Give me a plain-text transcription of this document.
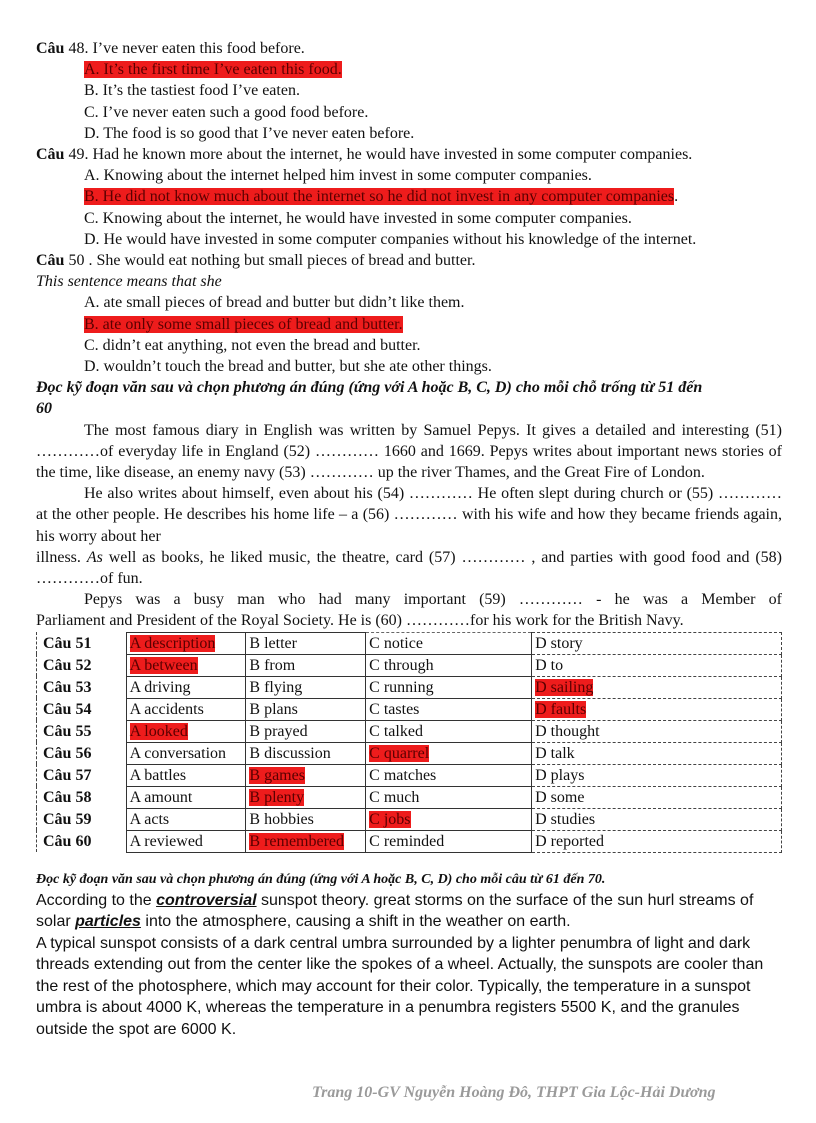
Câu 48. I’ve never eaten this food before.
A. It’s the first time I’ve eaten this food.
B. It’s the tastiest food I’ve eaten.
C. I’ve never eaten such a good food before.
D. The food is so good that I’ve never eaten before.
Câu 49. Had he known more about the internet, he would have invested in some computer companies.
A. Knowing about the internet helped him invest in some computer companies.
B. He did not know much about the internet so he did not invest in any computer companies.
C. Knowing about the internet, he would have invested in some computer companies.
D. He would have invested in some computer companies without his knowledge of the internet.
Câu 50 . She would eat nothing but small pieces of bread and butter.
This sentence means that she
A. ate small pieces of bread and butter but didn’t like them.
B. ate only some small pieces of bread and butter.
C. didn’t eat anything, not even the bread and butter.
D. wouldn’t touch the bread and butter, but she ate other things.
Đọc kỹ đoạn văn sau và chọn phương án đúng (ứng với A hoặc B, C, D) cho mỗi chỗ trống từ 51 đến
60
The most famous diary in English was written by Samuel Pepys. It gives a detailed and interesting (51) …………of everyday life in England (52) ………… 1660 and 1669. Pepys writes about important news stories of the time, like disease, an enemy navy (53) ………… up the river Thames, and the Great Fire of London.
He also writes about himself, even about his (54) ………… He often slept during church or (55) ………… at the other people. He describes his home life – a (56) ………… with his wife and how they became friends again, his worry about her
illness. As well as books, he liked music, the theatre, card (57) ………… , and parties with good food and (58) …………of fun.
Pepys was a busy man who had many important (59) ………… - he was a Member of
Parliament and President of the Royal Society. He is (60) …………for his work for the British Navy.
Câu 51	A description	B letter	C notice	D story
Câu 52	A between	B from	C through	D to
Câu 53	A driving	B flying	C running	D sailing
Câu 54	A accidents	B plans	C tastes	D faults
Câu 55	A looked	B prayed	C talked	D thought
Câu 56	A conversation	B discussion	C quarrel	D talk
Câu 57	A battles	B games	C matches	D plays
Câu 58	A amount	B plenty	C much	D some
Câu 59	A acts	B hobbies	C jobs	D studies
Câu 60	A reviewed	B remembered	C reminded	D reported
Đọc kỹ đoạn văn sau và chọn phương án đúng (ứng với A hoặc B, C, D) cho mỗi câu từ 61 đến 70.
According to the controversial sunspot theory. great storms on the surface of the sun hurl streams of solar particles into the atmosphere, causing a shift in the weather on earth.
A typical sunspot consists of a dark central umbra surrounded by a lighter penumbra of light and dark threads extending out from the center like the spokes of a wheel. Actually, the sunspots are cooler than the rest of the photosphere, which may account for their color. Typically, the temperature in a sunspot umbra is about 4000 K, whereas the temperature in a penumbra registers 5500 K, and the granules outside the spot are 6000 K.
Trang 10-GV Nguyễn Hoàng Đô, THPT Gia Lộc-Hải Dương
